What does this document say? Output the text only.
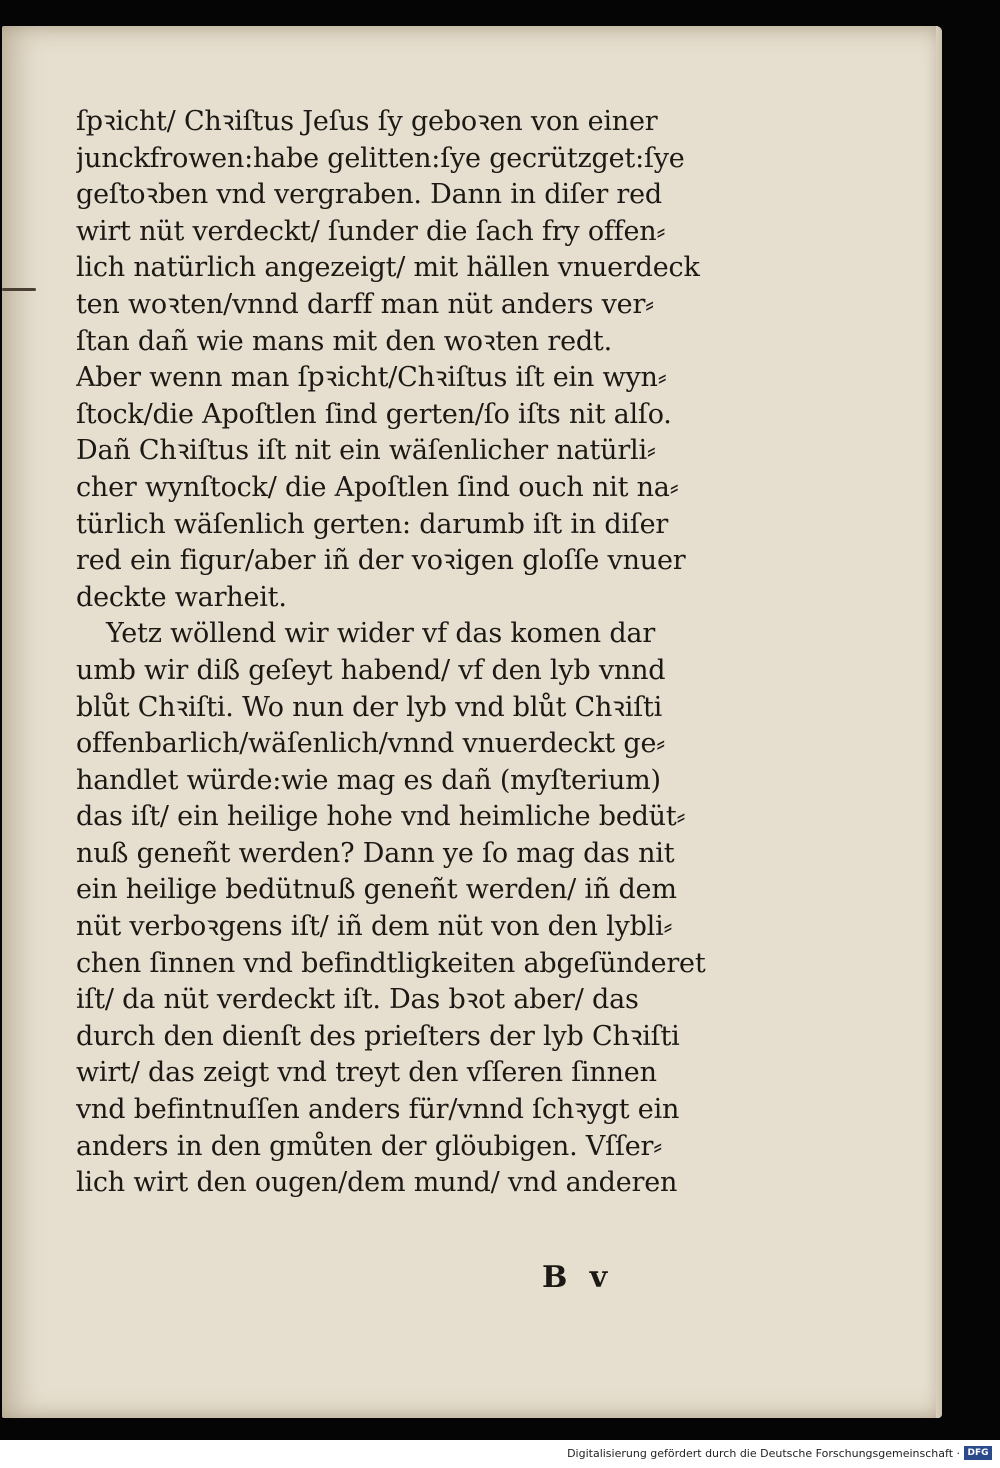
ſpꝛicht/ Chꝛiſtus Jeſus ſy geboꝛen von einer
junckfrowen:habe gelitten:ſye gecrützget:ſye
geſtoꝛben vnd vergraben. Dann in diſer red
wirt nüt verdeckt/ ſunder die ſach fry offen⸗
lich natürlich angezeigt/ mit hällen vnuerdeck
ten woꝛten/vnnd darff man nüt anders ver⸗
ſtan dañ wie mans mit den woꝛten redt.
Aber wenn man ſpꝛicht/Chꝛiſtus iſt ein wyn⸗
ſtock/die Apoſtlen ſind gerten/ſo iſts nit alſo.
Dañ Chꝛiſtus iſt nit ein wäſenlicher natürli⸗
cher wynſtock/ die Apoſtlen ſind ouch nit na⸗
türlich wäſenlich gerten: darumb iſt in diſer
red ein figur/aber iñ der voꝛigen gloſſe vnuer
deckte warheit.
Yetz wöllend wir wider vf das komen dar
umb wir diß geſeyt habend/ vf den lyb vnnd
blůt Chꝛiſti. Wo nun der lyb vnd blůt Chꝛiſti
offenbarlich/wäſenlich/vnnd vnuerdeckt ge⸗
handlet würde:wie mag es dañ (myſterium)
das iſt/ ein heilige hohe vnd heimliche bedüt⸗
nuß geneñt werden? Dann ye ſo mag das nit
ein heilige bedütnuß geneñt werden/ iñ dem
nüt verboꝛgens iſt/ iñ dem nüt von den lybli⸗
chen ſinnen vnd befindtligkeiten abgeſünderet
iſt/ da nüt verdeckt iſt. Das bꝛot aber/ das
durch den dienſt des prieſters der lyb Chꝛiſti
wirt/ das zeigt vnd treyt den vſſeren ſinnen
vnd befintnuſſen anders für/vnnd ſchꝛygt ein
anders in den gmůten der glöubigen. Vſſer⸗
lich wirt den ougen/dem mund/ vnd anderen
B v
Digitalisierung gefördert durch die Deutsche Forschungsgemeinschaft · DFG
